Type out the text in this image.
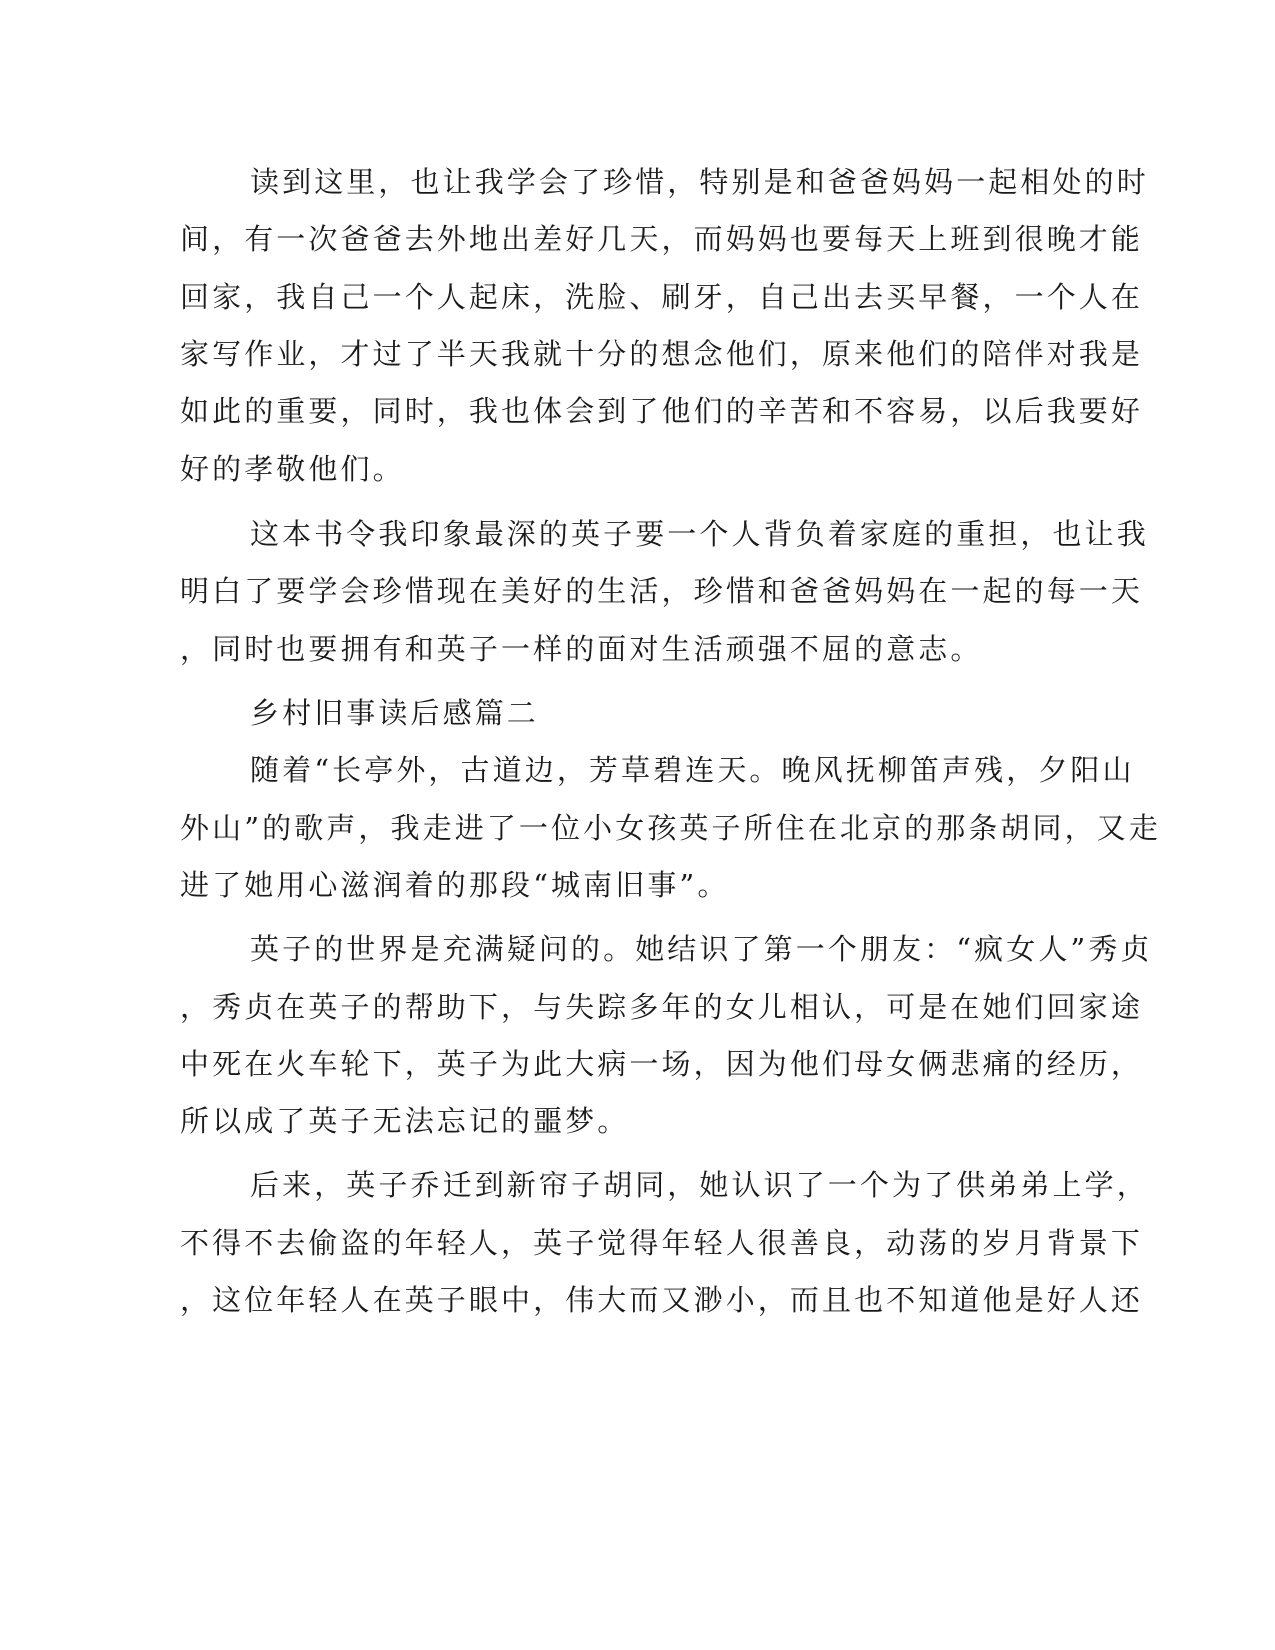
读到这里，也让我学会了珍惜，特别是和爸爸妈妈一起相处的时
间，有一次爸爸去外地出差好几天，而妈妈也要每天上班到很晚才能
回家，我自己一个人起床，洗脸、刷牙，自己出去买早餐，一个人在
家写作业，才过了半天我就十分的想念他们，原来他们的陪伴对我是
如此的重要，同时，我也体会到了他们的辛苦和不容易，以后我要好
好的孝敬他们。
这本书令我印象最深的英子要一个人背负着家庭的重担，也让我
明白了要学会珍惜现在美好的生活，珍惜和爸爸妈妈在一起的每一天
，同时也要拥有和英子一样的面对生活顽强不屈的意志。
乡村旧事读后感篇二
随着“长亭外，古道边，芳草碧连天。晚风抚柳笛声残，夕阳山
外山”的歌声，我走进了一位小女孩英子所住在北京的那条胡同，又走
进了她用心滋润着的那段“城南旧事”。
英子的世界是充满疑问的。她结识了第一个朋友：“疯女人”秀贞
，秀贞在英子的帮助下，与失踪多年的女儿相认，可是在她们回家途
中死在火车轮下，英子为此大病一场，因为他们母女俩悲痛的经历，
所以成了英子无法忘记的噩梦。
后来，英子乔迁到新帘子胡同，她认识了一个为了供弟弟上学，
不得不去偷盗的年轻人，英子觉得年轻人很善良，动荡的岁月背景下
，这位年轻人在英子眼中，伟大而又渺小，而且也不知道他是好人还
